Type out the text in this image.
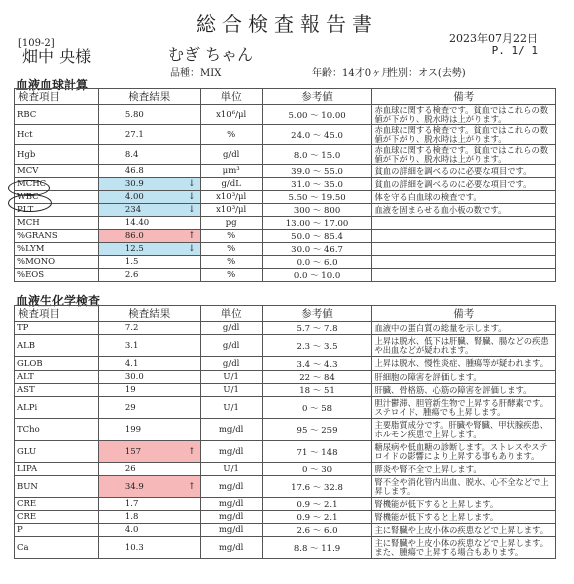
総合検査報告書
2023年07月22日
[109-2]
畑中 央様	むぎ ちゃん	P. 1/ 1
品種：MIX	年齢：14才0ヶ月
性別：オス(去勢)
血液血球計算
検査項目	検査結果	単位	参考値	備考
RBC	5.80	x10⁶/μl	5.00 ～ 10.00	赤血球に関する検査です。貧血ではこれらの数値が下がり、脱水時は上がります。
Hct	27.1	%	24.0 ～ 45.0	赤血球に関する検査です。貧血ではこれらの数値が下がり、脱水時は上がります。
Hgb	8.4	g/dl	8.0 ～ 15.0	赤血球に関する検査です。貧血ではこれらの数値が下がり、脱水時は上がります。
MCV	46.8	μm³	39.0 ～ 55.0	貧血の詳細を調べるのに必要な項目です。
MCHC	30.9 ↓	g/dL	31.0 ～ 35.0	貧血の詳細を調べるのに必要な項目です。
WBC	4.00 ↓	x10³/μl	5.50 ～ 19.50	体を守る白血球の検査です。
PLT	234 ↓	x10³/μl	300 ～ 800	血液を固まらせる血小板の数です。
MCH	14.40	pg	13.00 ～ 17.00	
%GRANS	86.0 ↑	%	50.0 ～ 85.4	
%LYM	12.5 ↓	%	30.0 ～ 46.7	
%MONO	1.5	%	0.0 ～ 6.0	
%EOS	2.6	%	0.0 ～ 10.0	
血液生化学検査
検査項目	検査結果	単位	参考値	備考
TP	7.2	g/dl	5.7 ～ 7.8	血液中の蛋白質の総量を示します。
ALB	3.1	g/dl	2.3 ～ 3.5	上昇は脱水、低下は肝臓、腎臓、腸などの疾患や出血などが疑われます。
GLOB	4.1	g/dl	3.4 ～ 4.3	上昇は脱水、慢性炎症、腫瘍等が疑われます。
ALT	30.0	U/1	22 ～ 84	肝細胞の障害を評価します。
AST	19	U/1	18 ～ 51	肝臓、骨格筋、心筋の障害を評価します。
ALPi	29	U/1	0 ～ 58	胆汁鬱滞、胆管新生物で上昇する肝酵素です。ステロイド、腫瘍でも上昇します。
TCho	199	mg/dl	95 ～ 259	主要脂質成分です。肝臓や腎臓、甲状腺疾患、ホルモン疾患で上昇します。
GLU	157 ↑	mg/dl	71 ～ 148	糖尿病や低血糖の診断します。ストレスやステロイドの影響により上昇する事もあります。
LIPA	26	U/1	0 ～ 30	膵炎や腎不全で上昇します。
BUN	34.9 ↑	mg/dl	17.6 ～ 32.8	腎不全や消化管内出血、脱水、心不全などで上昇します。
CRE	1.7	mg/dl	0.9 ～ 2.1	腎機能が低下すると上昇します。
CRE	1.8	mg/dl	0.9 ～ 2.1	腎機能が低下すると上昇します。
P	4.0	mg/dl	2.6 ～ 6.0	主に腎臓や上皮小体の疾患などで上昇します。
Ca	10.3	mg/dl	8.8 ～ 11.9	主に腎臓や上皮小体の疾患などで上昇します。また、腫瘍で上昇する場合もあります。
